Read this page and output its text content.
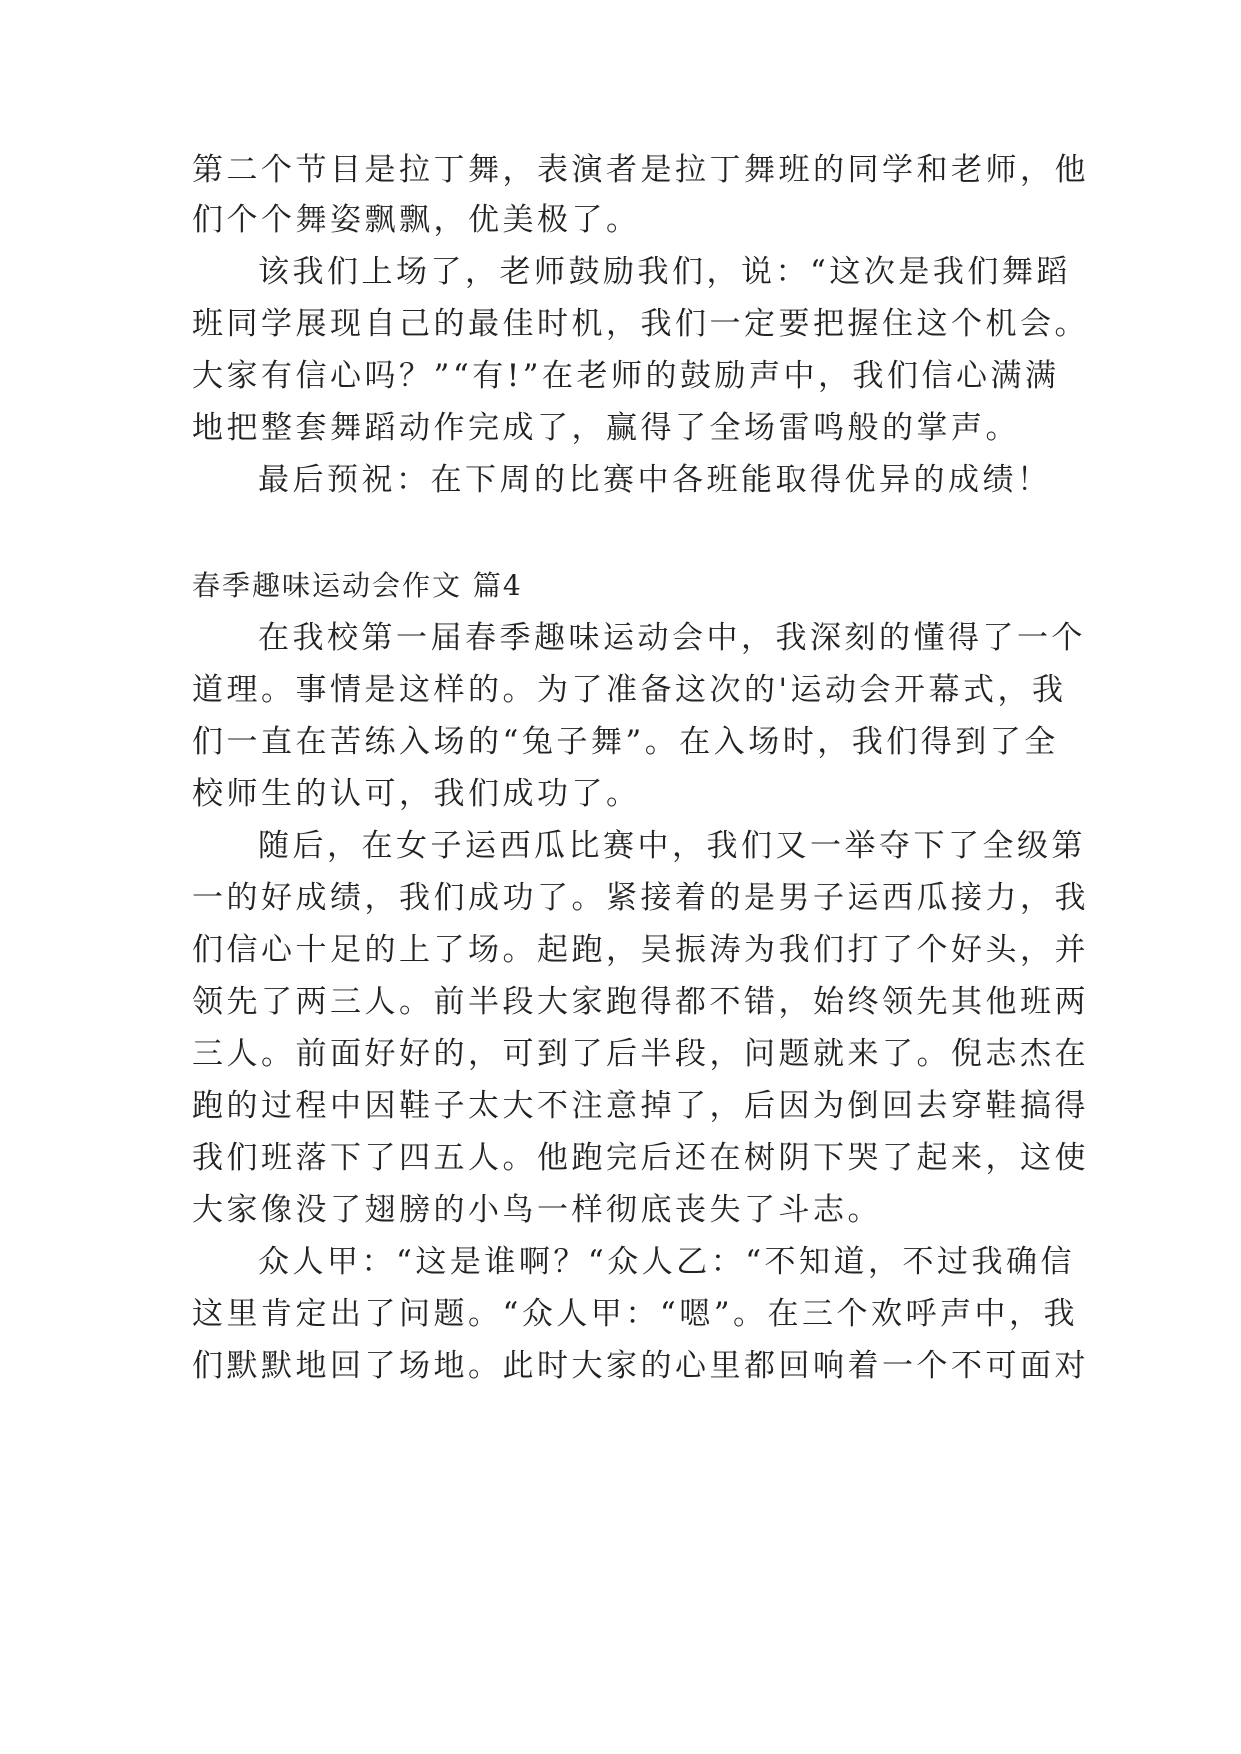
第二个节目是拉丁舞，表演者是拉丁舞班的同学和老师，他
们个个舞姿飘飘，优美极了。
该我们上场了，老师鼓励我们，说：“这次是我们舞蹈
班同学展现自己的最佳时机，我们一定要把握住这个机会。
大家有信心吗？”“有!”在老师的鼓励声中，我们信心满满
地把整套舞蹈动作完成了，赢得了全场雷鸣般的掌声。
最后预祝：在下周的比赛中各班能取得优异的成绩！
春季趣味运动会作文 篇4
在我校第一届春季趣味运动会中，我深刻的懂得了一个
道理。事情是这样的。为了准备这次的'运动会开幕式，我
们一直在苦练入场的“兔子舞”。在入场时，我们得到了全
校师生的认可，我们成功了。
随后，在女子运西瓜比赛中，我们又一举夺下了全级第
一的好成绩，我们成功了。紧接着的是男子运西瓜接力，我
们信心十足的上了场。起跑，吴振涛为我们打了个好头，并
领先了两三人。前半段大家跑得都不错，始终领先其他班两
三人。前面好好的，可到了后半段，问题就来了。倪志杰在
跑的过程中因鞋子太大不注意掉了，后因为倒回去穿鞋搞得
我们班落下了四五人。他跑完后还在树阴下哭了起来，这使
大家像没了翅膀的小鸟一样彻底丧失了斗志。
众人甲：“这是谁啊？“众人乙：“不知道，不过我确信
这里肯定出了问题。“众人甲：“嗯”。在三个欢呼声中，我
们默默地回了场地。此时大家的心里都回响着一个不可面对
